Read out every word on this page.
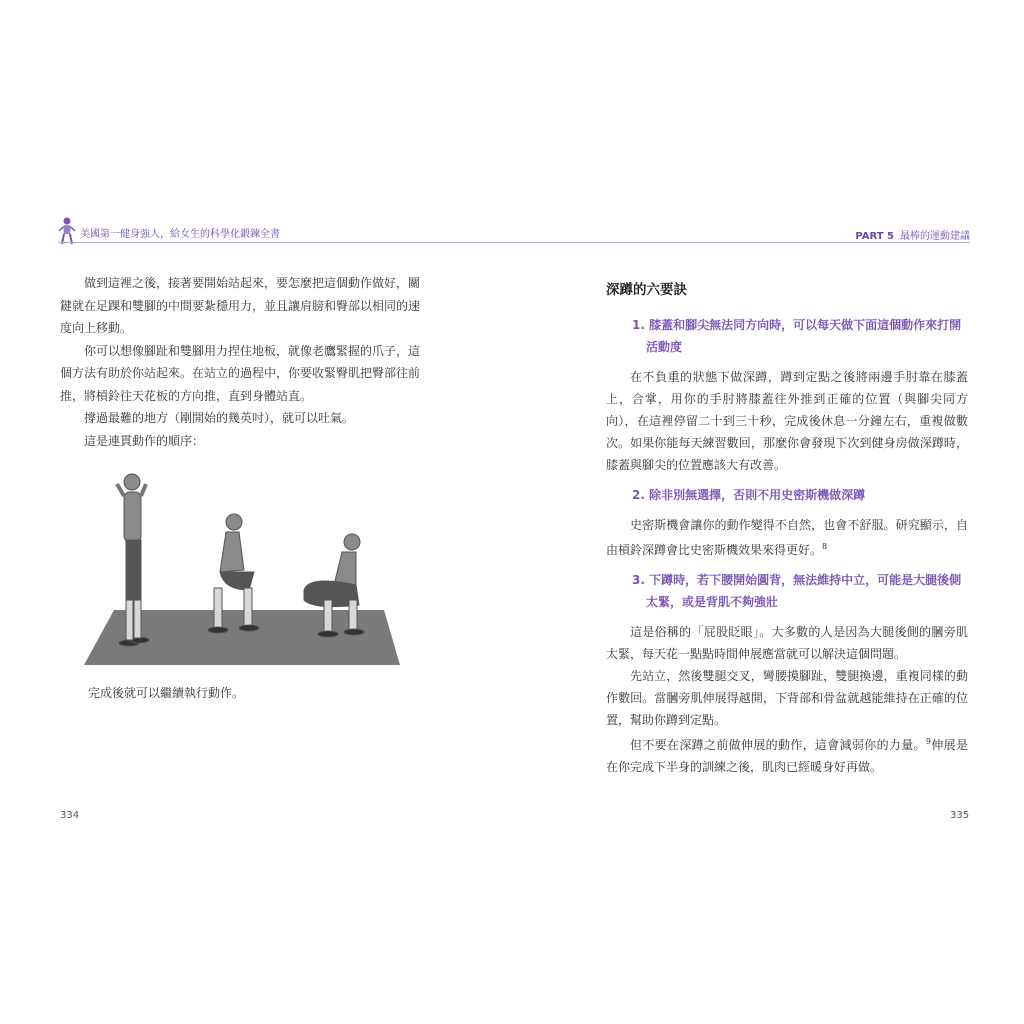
美國第一健身強人，給女生的科學化鍛鍊全書	PART 5 最棒的運動建議

做到這裡之後，接著要開始站起來，要怎麼把這個動作做好，關鍵就在足踝和雙腳的中間要紮穩用力，並且讓肩膀和臀部以相同的速度向上移動。

你可以想像腳趾和雙腳用力捏住地板，就像老鷹緊握的爪子，這個方法有助於你站起來。在站立的過程中，你要收緊臀肌把臀部往前推，將槓鈴往天花板的方向推，直到身體站直。

撐過最難的地方（剛開始的幾英吋），就可以吐氣。

這是連貫動作的順序：

完成後就可以繼續執行動作。
334
深蹲的六要訣
1. 膝蓋和腳尖無法同方向時，可以每天做下面這個動作來打開活動度

在不負重的狀態下做深蹲，蹲到定點之後將兩邊手肘靠在膝蓋上，合掌，用你的手肘將膝蓋往外推到正確的位置（與腳尖同方向），在這裡停留二十到三十秒，完成後休息一分鐘左右，重複做數次。如果你能每天練習數回，那麼你會發現下次到健身房做深蹲時，膝蓋與腳尖的位置應該大有改善。

2. 除非別無選擇，否則不用史密斯機做深蹲

史密斯機會讓你的動作變得不自然，也會不舒服。研究顯示，自由槓鈴深蹲會比史密斯機效果來得更好。$^8$

3. 下蹲時，若下腰開始圓背，無法維持中立，可能是大腿後側太緊，或是背肌不夠強壯

這是俗稱的「屁股眨眼」。大多數的人是因為大腿後側的膕旁肌太緊，每天花一點點時間伸展應當就可以解決這個問題。

先站立，然後雙腿交叉，彎腰摸腳趾，雙腿換邊，重複同樣的動作數回。當膕旁肌伸展得越開，下背部和骨盆就越能維持在正確的位置，幫助你蹲到定點。

但不要在深蹲之前做伸展的動作，這會減弱你的力量。$^9$伸展是在你完成下半身的訓練之後，肌肉已經暖身好再做。

335
